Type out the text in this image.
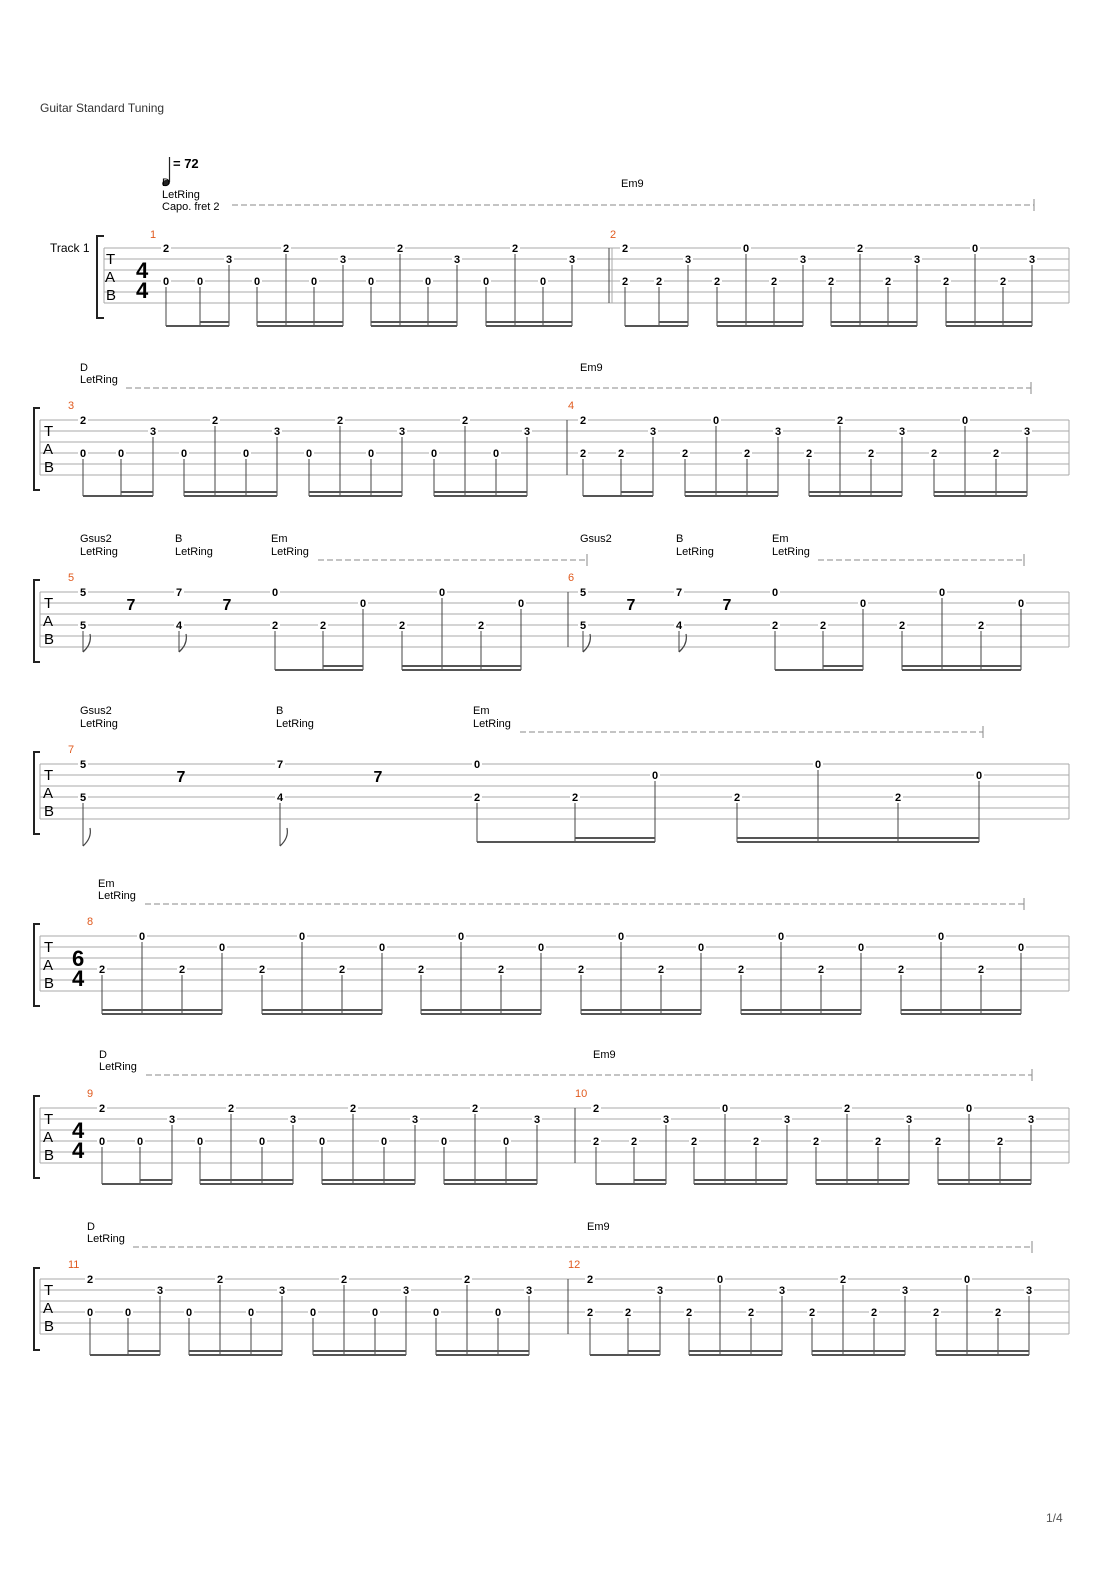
Guitar Standard Tuning
1/4
= 72
D
LetRing
Capo. fret 2
Em9
Track 1
T
A
B
4
4
1	2
2
0	0
3
0
2
0
3
0
2
0
3
0
2
0
3
2
2	2
3
2
0
2
3
2
2
2
3
2
0
2
3
D
LetRing
Em9
T
A
B
3	4
2
0	0
3
0
2
0
3
0
2
0
3
0
2
0
3
2
2	2
3
2
0
2
3
2
2
2
3
2
0
2
3
Gsus2
LetRing
B
LetRing
Em
LetRing
Gsus2	B
LetRing
Em
LetRing
T
A
B
5	6
5
5
7
7
4
7
0
2	2
0
2
0
2
0
5
5
7
7
4
7
0
2	2
0
2
0
2
0
Gsus2
LetRing
B
LetRing
Em
LetRing
T
A
B
7
5
5
7
7
4
7
0
2	2
0
2
0
2
0
Em
LetRing
T
A
B
6
4
8
2
0
2
0
2
0
2
0
2
0
2
0
2
0
2
0
2
0
2
0
2
0
2
0
D
LetRing
Em9
T
A
B
4
4
9	10
2
0	0
3
0
2
0
3
0
2
0
3
0
2
0
3
2
2	2
3
2
0
2
3
2
2
2
3
2
0
2
3
D
LetRing
Em9
T
A
B
11	12
2
0	0
3
0
2
0
3
0
2
0
3
0
2
0
3
2
2	2
3
2
0
2
3
2
2
2
3
2
0
2
3
